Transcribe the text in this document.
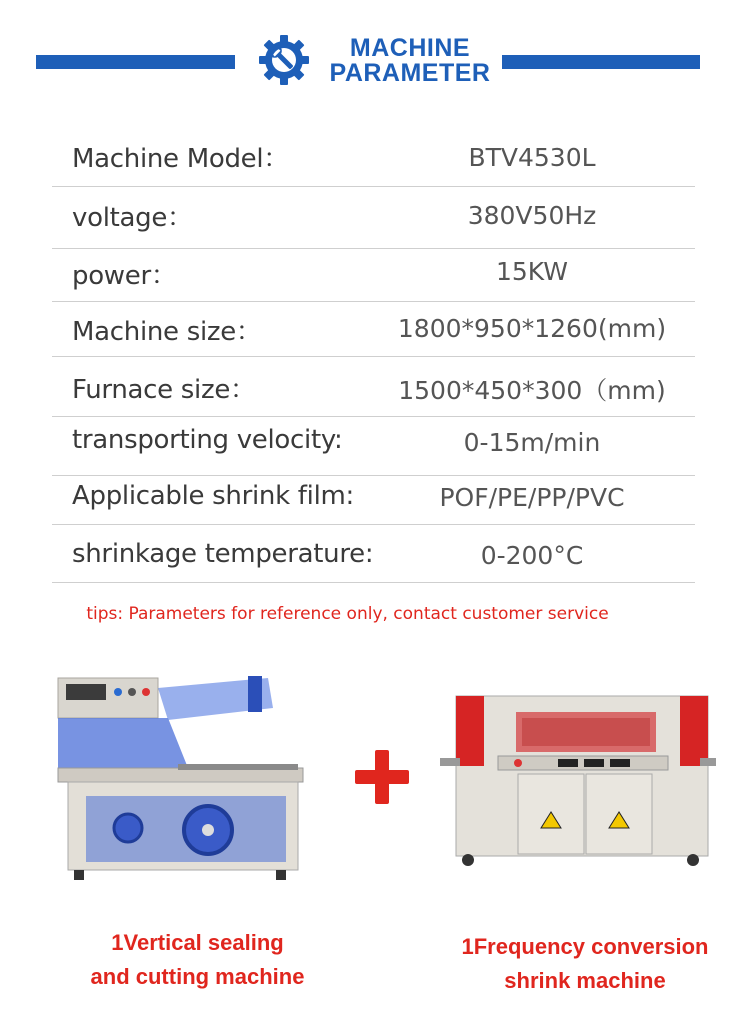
MACHINE
PARAMETER
Machine Model：	BTV4530L
voltage：	380V50Hz
power：	15KW
Machine size：	1800*950*1260(mm)
Furnace size：	1500*450*300（mm)
transporting velocity:	0-15m/min
Applicable shrink film:	POF/PE/PP/PVC
shrinkage temperature:	0-200°C
tips: Parameters for reference only, contact customer service
1Vertical sealing
and cutting machine
1Frequency conversion
shrink machine
